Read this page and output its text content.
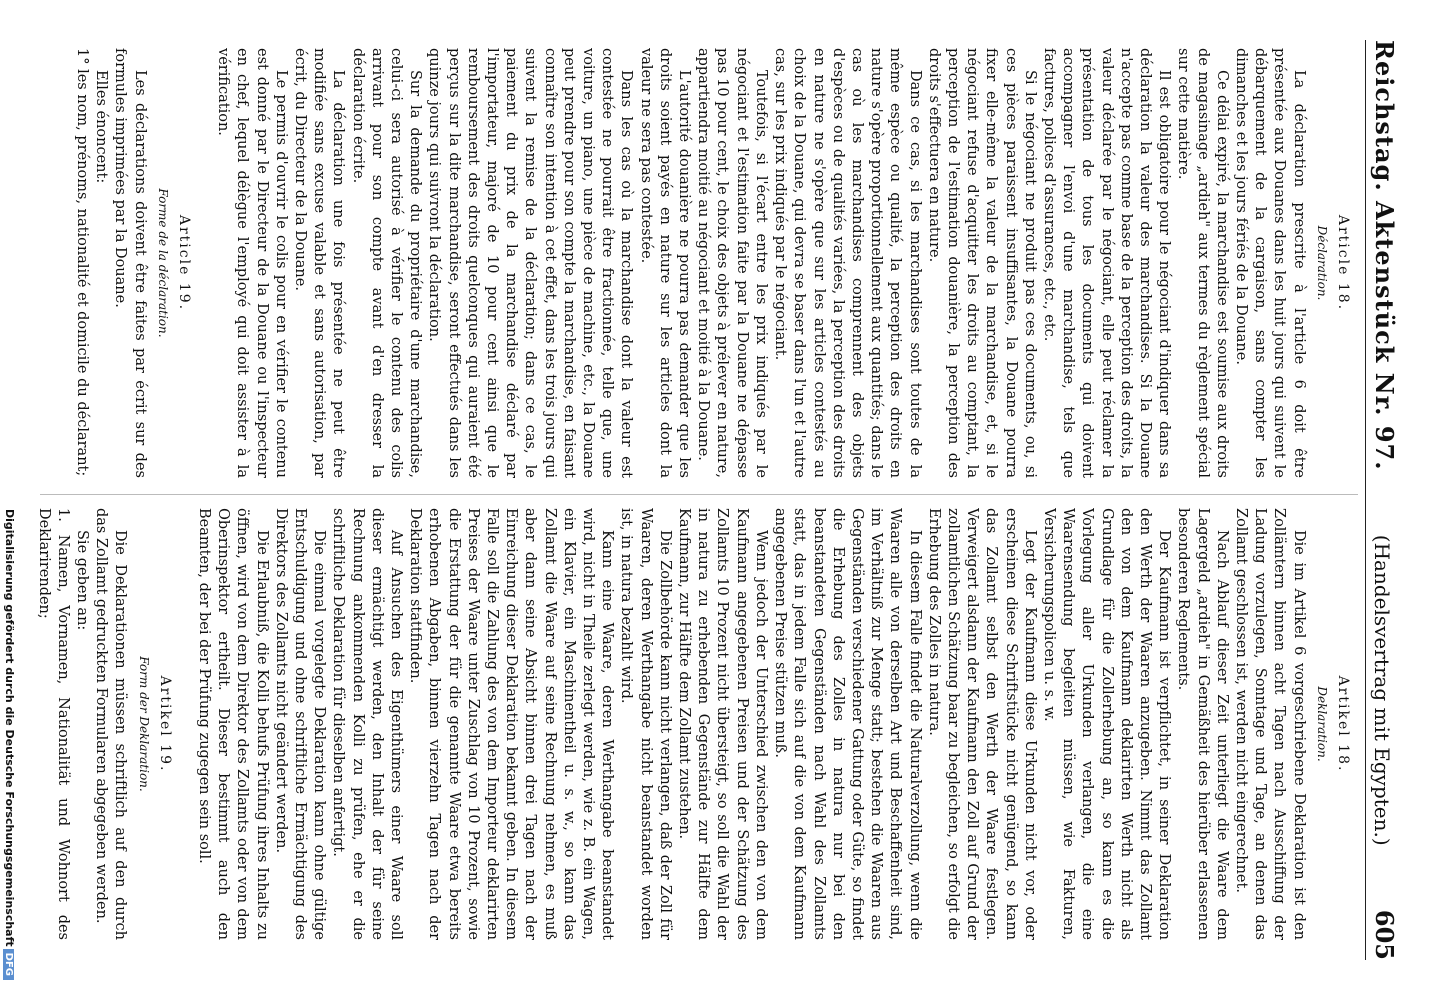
Reichstag. Aktenstück Nr. 97.
(Handelsvertrag mit Egypten.)
605
Article 18.
Déclaration.

La déclaration prescrite à l'article 6 doit être présentée aux Douanes dans les huit jours qui suivent le débarquement de la cargaison, sans compter les dimanches et les jours fériés de la Douane.

Ce délai expiré, la marchandise est soumise aux droits de magasinage „ardieh" aux termes du règlement spécial sur cette matière.

Il est obligatoire pour le négociant d'indiquer dans sa déclaration la valeur des marchandises. Si la Douane n'accepte pas comme base de la perception des droits, la valeur déclarée par le négociant, elle peut réclamer la présentation de tous les documents qui doivent accompagner l'envoi d'une marchandise, tels que factures, polices d'assurances, etc., etc.

Si le négociant ne produit pas ces documents, ou, si ces pièces paraissent insuffisantes, la Douane pourra fixer elle-même la valeur de la marchandise, et, si le négociant refuse d'acquitter les droits au comptant, la perception de l'estimation douanière, la perception des droits s'effectuera en nature.

Dans ce cas, si les marchandises sont toutes de la même espèce ou qualité, la perception des droits en nature s'opère proportionnellement aux quantités; dans le cas où les marchandises comprennent des objets d'espèces ou de qualités variées, la perception des droits en nature ne s'opère que sur les articles contestés au choix de la Douane, qui devra se baser dans l'un et l'autre cas, sur les prix indiqués par le négociant.

Toutefois, si l'écart entre les prix indiqués par le négociant et l'estimation faite par la Douane ne dépasse pas 10 pour cent, le choix des objets à prélever en nature, appartiendra moitié au négociant et moitié à la Douane.

L'autorité douanière ne pourra pas demander que les droits soient payés en nature sur les articles dont la valeur ne sera pas contestée.

Dans les cas où la marchandise dont la valeur est contestée ne pourrait être fractionnée, telle que, une voiture, un piano, une pièce de machine, etc., la Douane peut prendre pour son compte la marchandise, en faisant connaître son intention à cet effet, dans les trois jours qui suivent la remise de la déclaration; dans ce cas, le paiement du prix de la marchandise déclaré par l'importateur, majoré de 10 pour cent ainsi que le remboursement des droits quelconques qui auraient été perçus sur la dite marchandise, seront effectués dans les quinze jours qui suivront la déclaration.

Sur la demande du propriétaire d'une marchandise, celui-ci sera autorisé à vérifier le contenu des colis arrivant pour son compte avant d'en dresser la déclaration écrite.

La déclaration une fois présentée ne peut être modifiée sans excuse valable et sans autorisation, par écrit, du Directeur de la Douane.

Le permis d'ouvrir le colis pour en vérifier le contenu est donné par le Directeur de la Douane ou l'inspecteur en chef, lequel délègue l'employé qui doit assister à la vérification.

Article 19.
Forme de la déclaration.

Les déclarations doivent être faites par écrit sur des formules imprimées par la Douane.

Elles énoncent:

1° les nom, prénoms, nationalité et domicile du déclarant;

Artikel 18.
Deklaration.

Die im Artikel 6 vorgeschriebene Deklaration ist den Zollämtern binnen acht Tagen nach Ausschiffung der Ladung vorzulegen, Sonntage und Tage, an denen das Zollamt geschlossen ist, werden nicht eingerechnet.

Nach Ablauf dieser Zeit unterliegt die Waare dem Lagergeld „ardieh" in Gemäßheit des hierüber erlassenen besonderen Reglements.

Der Kaufmann ist verpflichtet, in seiner Deklaration den Werth der Waaren anzugeben. Nimmt das Zollamt den von dem Kaufmann deklarirten Werth nicht als Grundlage für die Zollerhebung an, so kann es die Vorlegung aller Urkunden verlangen, die eine Waarensendung begleiten müssen, wie Fakturen, Versicherungspolicen u. s. w.

Legt der Kaufmann diese Urkunden nicht vor, oder erscheinen diese Schriftstücke nicht genügend, so kann das Zollamt selbst den Werth der Waare festlegen. Verweigert alsdann der Kaufmann den Zoll auf Grund der zollamtlichen Schätzung baar zu begleichen, so erfolgt die Erhebung des Zolles in natura.

In diesem Falle findet die Naturalverzollung, wenn die Waaren alle von derselben Art und Beschaffenheit sind, im Verhältniß zur Menge statt; bestehen die Waaren aus Gegenständen verschiedener Gattung oder Güte, so findet die Erhebung des Zolles in natura nur bei den beanstandeten Gegenständen nach Wahl des Zollamts statt, das in jedem Falle sich auf die von dem Kaufmann angegebenen Preise stützen muß.

Wenn jedoch der Unterschied zwischen den von dem Kaufmann angegebenen Preisen und der Schätzung des Zollamts 10 Prozent nicht übersteigt, so soll die Wahl der in natura zu erhebenden Gegenstände zur Hälfte dem Kaufmann, zur Hälfte dem Zollamt zustehen.

Die Zollbehörde kann nicht verlangen, daß der Zoll für Waaren, deren Werthangabe nicht beanstandet worden ist, in natura bezahlt wird.

Kann eine Waare, deren Werthangabe beanstandet wird, nicht in Theile zerlegt werden, wie z. B. ein Wagen, ein Klavier, ein Maschinentheil u. s. w., so kann das Zollamt die Waare auf seine Rechnung nehmen, es muß aber dann seine Absicht binnen drei Tagen nach der Einreichung dieser Deklaration bekannt geben. In diesem Falle soll die Zahlung des von dem Importeur deklarirten Preises der Waare unter Zuschlag von 10 Prozent, sowie die Erstattung der für die genannte Waare etwa bereits erhobenen Abgaben, binnen vierzehn Tagen nach der Deklaration stattfinden.

Auf Ansuchen des Eigenthümers einer Waare soll dieser ermächtigt werden, den Inhalt der für seine Rechnung ankommenden Kolli zu prüfen, ehe er die schriftliche Deklaration für dieselben anfertigt.

Die einmal vorgelegte Deklaration kann ohne gültige Entschuldigung und ohne schriftliche Ermächtigung des Direktors des Zollamts nicht geändert werden.

Die Erlaubniß, die Kolli behufs Prüfung ihres Inhalts zu öffnen, wird von dem Direktor des Zollamts oder von dem Oberinspektor ertheilt. Dieser bestimmt auch den Beamten, der bei der Prüfung zugegen sein soll.

Artikel 19.
Form der Deklaration.

Die Deklarationen müssen schriftlich auf den durch das Zollamt gedruckten Formularen abgegeben werden.

Sie geben an:

1. Namen, Vornamen, Nationalität und Wohnort des Deklarirenden;

Digitalisierung gefördert durch die Deutsche ForschungsgemeinschaftDFG
